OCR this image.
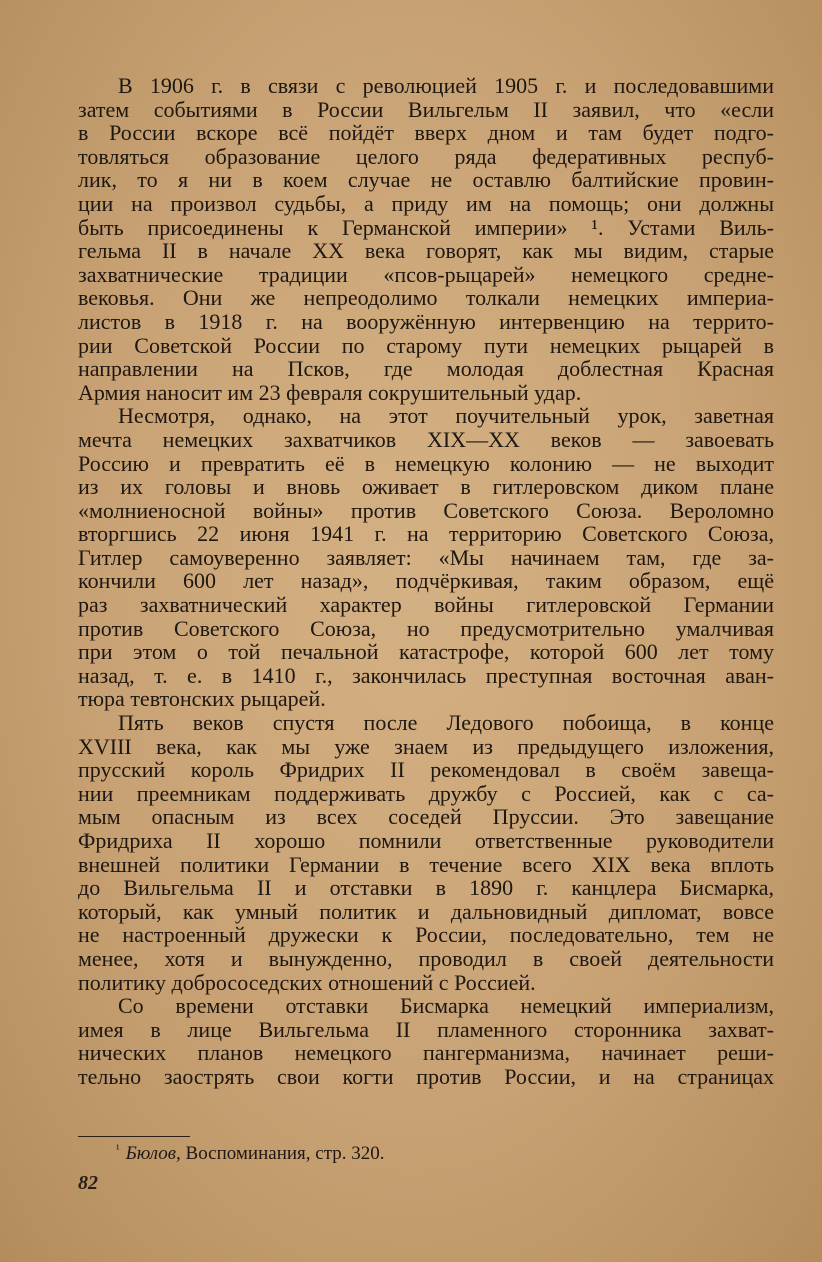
В 1906 г. в связи с революцией 1905 г. и последовавшими
затем событиями в России Вильгельм II заявил, что «если
в России вскоре всё пойдёт вверх дном и там будет подго-
товляться образование целого ряда федеративных респуб-
лик, то я ни в коем случае не оставлю балтийские провин-
ции на произвол судьбы, а приду им на помощь; они должны
быть присоединены к Германской империи» ¹. Устами Виль-
гельма II в начале XX века говорят, как мы видим, старые
захватнические традиции «псов-рыцарей» немецкого средне-
вековья. Они же непреодолимо толкали немецких империа-
листов в 1918 г. на вооружённую интервенцию на террито-
рии Советской России по старому пути немецких рыцарей в
направлении на Псков, где молодая доблестная Красная
Армия наносит им 23 февраля сокрушительный удар.
Несмотря, однако, на этот поучительный урок, заветная
мечта немецких захватчиков XIX—XX веков — завоевать
Россию и превратить её в немецкую колонию — не выходит
из их головы и вновь оживает в гитлеровском диком плане
«молниеносной войны» против Советского Союза. Вероломно
вторгшись 22 июня 1941 г. на территорию Советского Союза,
Гитлер самоуверенно заявляет: «Мы начинаем там, где за-
кончили 600 лет назад», подчёркивая, таким образом, ещё
раз захватнический характер войны гитлеровской Германии
против Советского Союза, но предусмотрительно умалчивая
при этом о той печальной катастрофе, которой 600 лет тому
назад, т. е. в 1410 г., закончилась преступная восточная аван-
тюра тевтонских рыцарей.
Пять веков спустя после Ледового побоища, в конце
XVIII века, как мы уже знаем из предыдущего изложения,
прусский король Фридрих II рекомендовал в своём завеща-
нии преемникам поддерживать дружбу с Россией, как с са-
мым опасным из всех соседей Пруссии. Это завещание
Фридриха II хорошо помнили ответственные руководители
внешней политики Германии в течение всего XIX века вплоть
до Вильгельма II и отставки в 1890 г. канцлера Бисмарка,
который, как умный политик и дальновидный дипломат, вовсе
не настроенный дружески к России, последовательно, тем не
менее, хотя и вынужденно, проводил в своей деятельности
политику добрососедских отношений с Россией.
Со времени отставки Бисмарка немецкий империализм,
имея в лице Вильгельма II пламенного сторонника захват-
нических планов немецкого пангерманизма, начинает реши-
тельно заострять свои когти против России, и на страницах
$^{^1}$ Бюлов, Воспоминания, стр. 320.
82
